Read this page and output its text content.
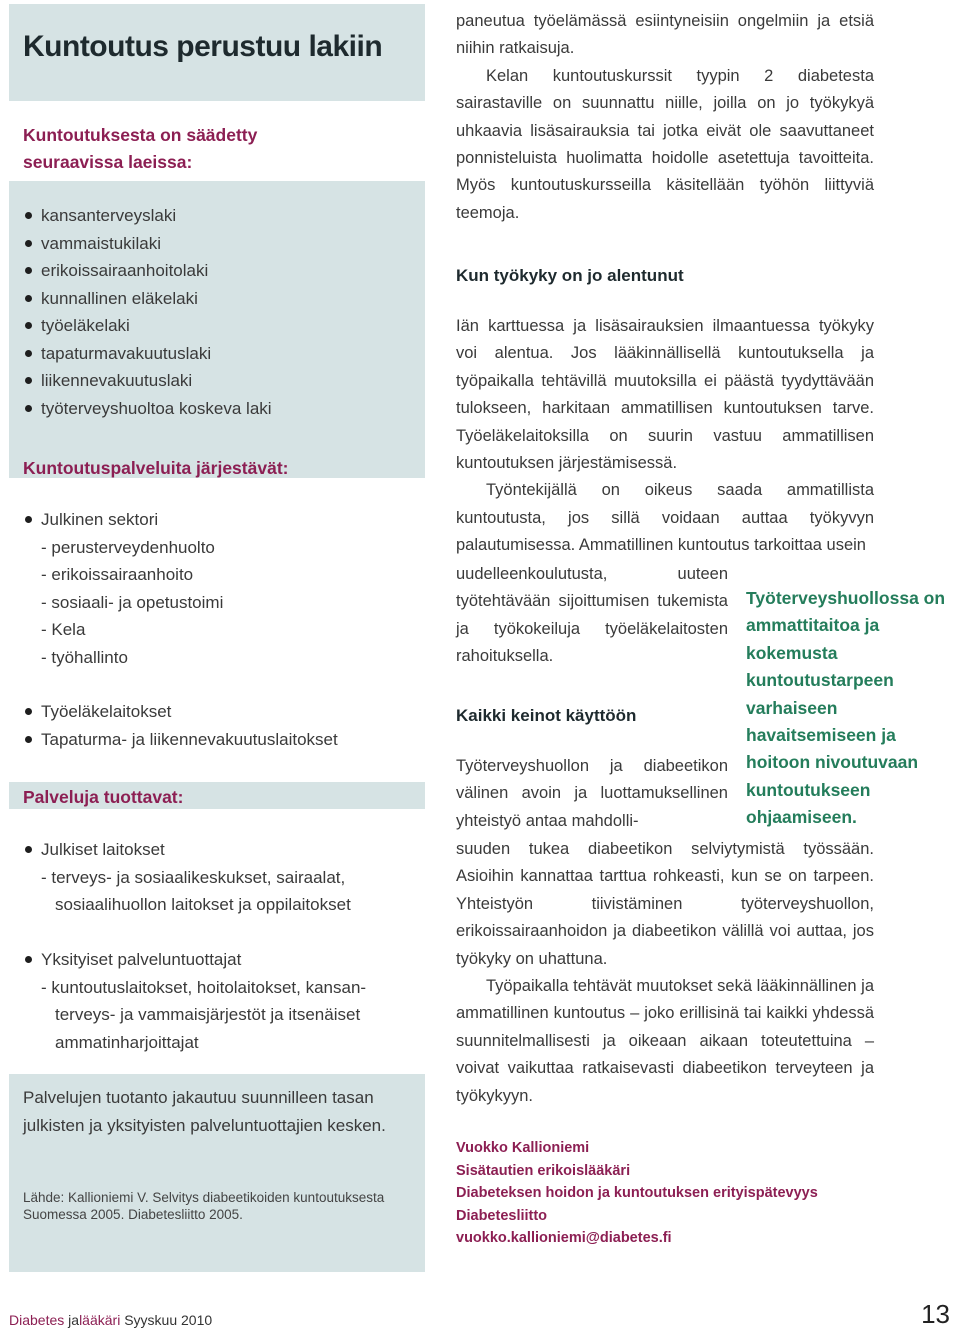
Kuntoutus perustuu lakiin
Kuntoutuksesta on säädetty
seuraavissa laeissa:
kansanterveyslaki
vammaistukilaki
erikoissairaanhoitolaki
kunnallinen eläkelaki
työeläkelaki
tapaturmavakuutuslaki
liikennevakuutuslaki
työterveyshuoltoa koskeva laki
Kuntoutuspalveluita järjestävät:
Julkinen sektori
- perusterveydenhuolto
- erikoissairaanhoito
- sosiaali- ja opetustoimi
- Kela
- työhallinto
Työeläkelaitokset
Tapaturma- ja liikennevakuutuslaitokset
Palveluja tuottavat:
Julkiset laitokset
- terveys- ja sosiaalikeskukset, sairaalat,
sosiaalihuollon laitokset ja oppilaitokset
Yksityiset palveluntuottajat
- kuntoutuslaitokset, hoitolaitokset, kansan-
terveys- ja vammaisjärjestöt ja itsenäiset
ammatinharjoittajat

Palvelujen tuotanto jakautuu suunnilleen tasan julkisten ja yksityisten palveluntuottajien kesken.

Lähde: Kallioniemi V. Selvitys diabeetikoiden kuntoutuksesta Suomessa 2005. Diabetesliitto 2005.

paneutua työelämässä esiintyneisiin ongelmiin ja etsiä niihin ratkaisuja.

Kelan kuntoutuskurssit tyypin 2 diabetesta sairastaville on suunnattu niille, joilla on jo työkykyä uhkaavia lisäsairauksia tai jotka eivät ole saavuttaneet ponnisteluista huolimatta hoidolle asetettuja tavoitteita. Myös kuntoutuskursseilla käsitellään työhön liittyviä teemoja.

Kun työkyky on jo alentunut

Iän karttuessa ja lisäsairauksien ilmaantuessa työkyky voi alentua. Jos lääkinnällisellä kuntoutuksella ja työpaikalla tehtävillä muutoksilla ei päästä tyydyttävään tulokseen, harkitaan ammatillisen kuntoutuksen tarve. Työeläkelaitoksilla on suurin vastuu ammatillisen kuntoutuksen järjestämisessä.

Työntekijällä on oikeus saada ammatillista kuntoutusta, jos sillä voidaan auttaa työkyvyn palautumisessa. Ammatillinen kuntoutus tarkoittaa usein

uudelleenkoulutusta, uuteen työtehtävään sijoittumisen tukemista ja työkokeiluja työeläkelaitosten rahoituksella.

Kaikki keinot käyttöön

Työterveyshuollon ja diabeetikon välinen avoin ja luottamuksellinen yhteistyö antaa mahdolli-

suuden tukea diabeetikon selviytymistä työssään. Asioihin kannattaa tarttua rohkeasti, kun se on tarpeen. Yhteistyön tiivistäminen työterveyshuollon, erikoissairaanhoidon ja diabeetikon välillä voi auttaa, jos työkyky on uhattuna.

Työpaikalla tehtävät muutokset sekä lääkinnällinen ja ammatillinen kuntoutus – joko erillisinä tai kaikki yhdessä suunnitelmallisesti ja oikeaan aikaan toteutettuina – voivat vaikuttaa ratkaisevasti diabeetikon terveyteen ja työkykyyn.

Työterveyshuollossa on ammattitaitoa ja kokemusta kuntoutustarpeen varhaiseen havaitsemiseen ja hoitoon nivoutuvaan kuntoutukseen ohjaamiseen.

Vuokko Kallioniemi
Sisätautien erikoislääkäri
Diabeteksen hoidon ja kuntoutuksen erityispätevyys
Diabetesliitto
vuokko.kallioniemi@diabetes.fi
Diabetes jalääkäri Syyskuu 2010	13
